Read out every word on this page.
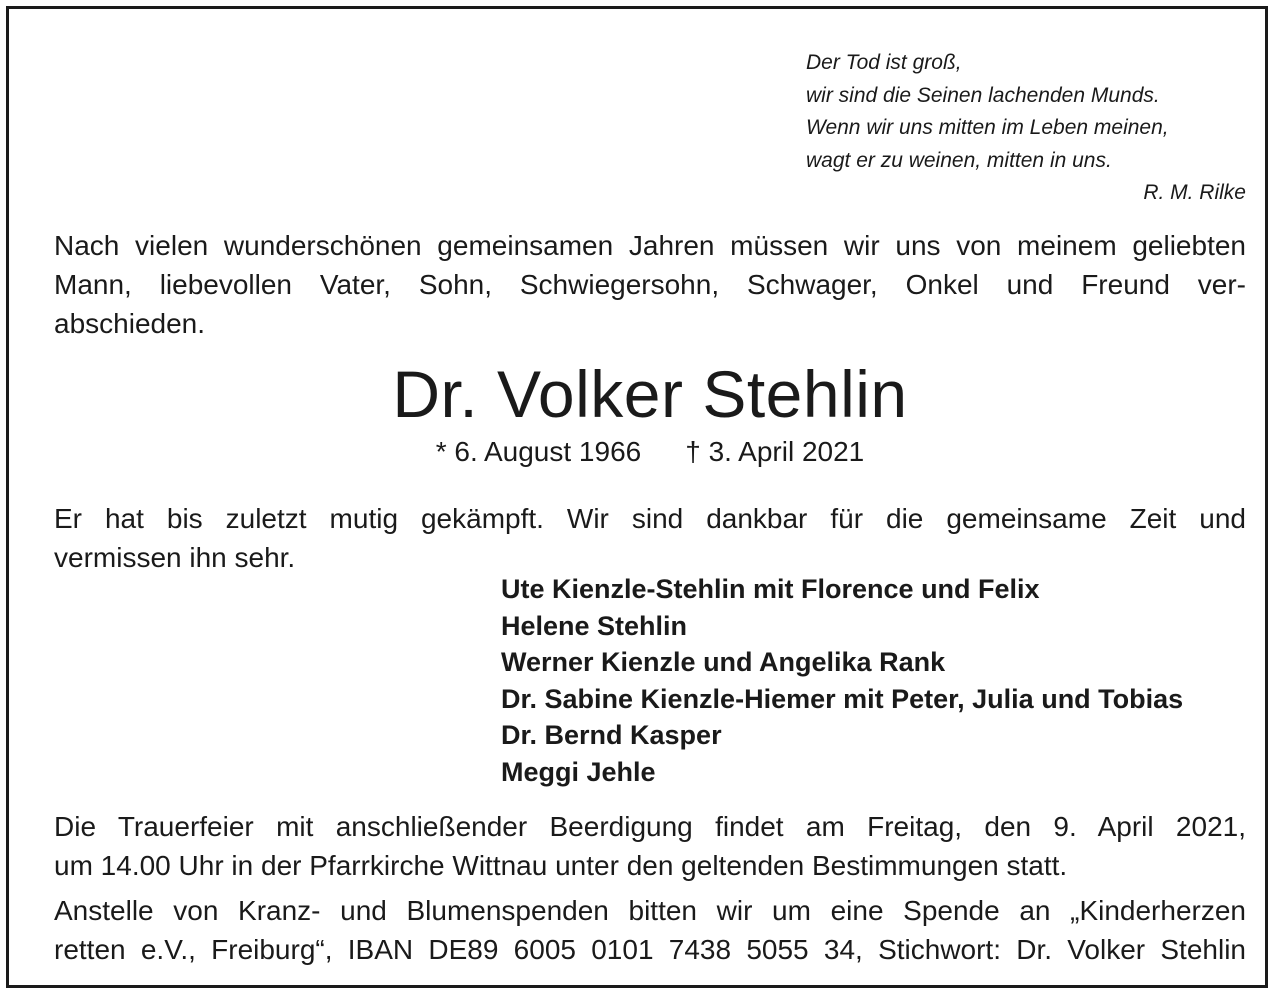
Der Tod ist groß,
wir sind die Seinen lachenden Munds.
Wenn wir uns mitten im Leben meinen,
wagt er zu weinen, mitten in uns.
R. M. Rilke
Nach vielen wunderschönen gemeinsamen Jahren müssen wir uns von meinem geliebten
Mann, liebevollen Vater, Sohn, Schwiegersohn, Schwager, Onkel und Freund ver-
abschieden.
Dr. Volker Stehlin
* 6. August 1966 † 3. April 2021
Er hat bis zuletzt mutig gekämpft. Wir sind dankbar für die gemeinsame Zeit und
vermissen ihn sehr.
Ute Kienzle-Stehlin mit Florence und Felix
Helene Stehlin
Werner Kienzle und Angelika Rank
Dr. Sabine Kienzle-Hiemer mit Peter, Julia und Tobias
Dr. Bernd Kasper
Meggi Jehle
Die Trauerfeier mit anschließender Beerdigung findet am Freitag, den 9. April 2021,
um 14.00 Uhr in der Pfarrkirche Wittnau unter den geltenden Bestimmungen statt.
Anstelle von Kranz- und Blumenspenden bitten wir um eine Spende an „Kinderherzen
retten e.V., Freiburg“, IBAN DE89 6005 0101 7438 5055 34, Stichwort: Dr. Volker Stehlin
